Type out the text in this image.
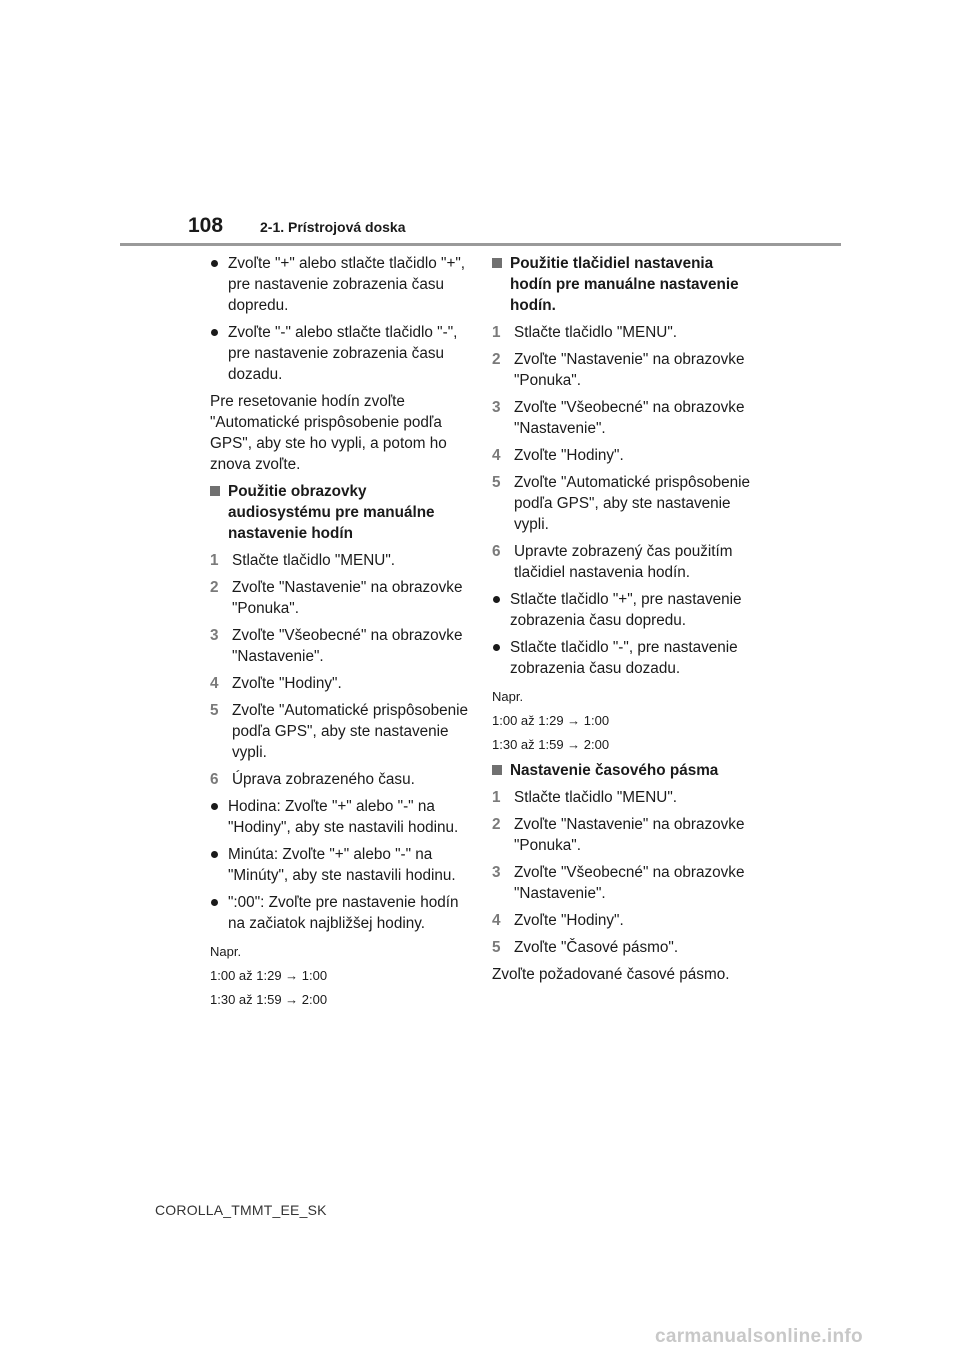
108	2-1. Prístrojová doska
Zvoľte "+" alebo stlačte tlačidlo "+", pre nastavenie zobrazenia času dopredu.
Zvoľte "-" alebo stlačte tlačidlo "-", pre nastavenie zobrazenia času dozadu.
Pre resetovanie hodín zvoľte "Automatické prispôsobenie podľa GPS", aby ste ho vypli, a potom ho znova zvoľte.
Použitie obrazovky audiosystému pre manuálne nastavenie hodín
1 Stlačte tlačidlo "MENU".
2 Zvoľte "Nastavenie" na obrazovke "Ponuka".
3 Zvoľte "Všeobecné" na obrazovke "Nastavenie".
4 Zvoľte "Hodiny".
5 Zvoľte "Automatické prispôsobenie podľa GPS", aby ste nastavenie vypli.
6 Úprava zobrazeného času.
Hodina: Zvoľte "+" alebo "-" na "Hodiny", aby ste nastavili hodinu.
Minúta: Zvoľte "+" alebo "-" na "Minúty", aby ste nastavili hodinu.
":00": Zvoľte pre nastavenie hodín na začiatok najbližšej hodiny.
Napr.
1:00 až 1:29 → 1:00
1:30 až 1:59 → 2:00
Použitie tlačidiel nastavenia hodín pre manuálne nastavenie hodín.
1 Stlačte tlačidlo "MENU".
2 Zvoľte "Nastavenie" na obrazovke "Ponuka".
3 Zvoľte "Všeobecné" na obrazovke "Nastavenie".
4 Zvoľte "Hodiny".
5 Zvoľte "Automatické prispôsobenie podľa GPS", aby ste nastavenie vypli.
6 Upravte zobrazený čas použitím tlačidiel nastavenia hodín.
Stlačte tlačidlo "+", pre nastavenie zobrazenia času dopredu.
Stlačte tlačidlo "-", pre nastavenie zobrazenia času dozadu.
Napr.
1:00 až 1:29 → 1:00
1:30 až 1:59 → 2:00
Nastavenie časového pásma
1 Stlačte tlačidlo "MENU".
2 Zvoľte "Nastavenie" na obrazovke "Ponuka".
3 Zvoľte "Všeobecné" na obrazovke "Nastavenie".
4 Zvoľte "Hodiny".
5 Zvoľte "Časové pásmo".
Zvoľte požadované časové pásmo.
COROLLA_TMMT_EE_SK
carmanualsonline.info
